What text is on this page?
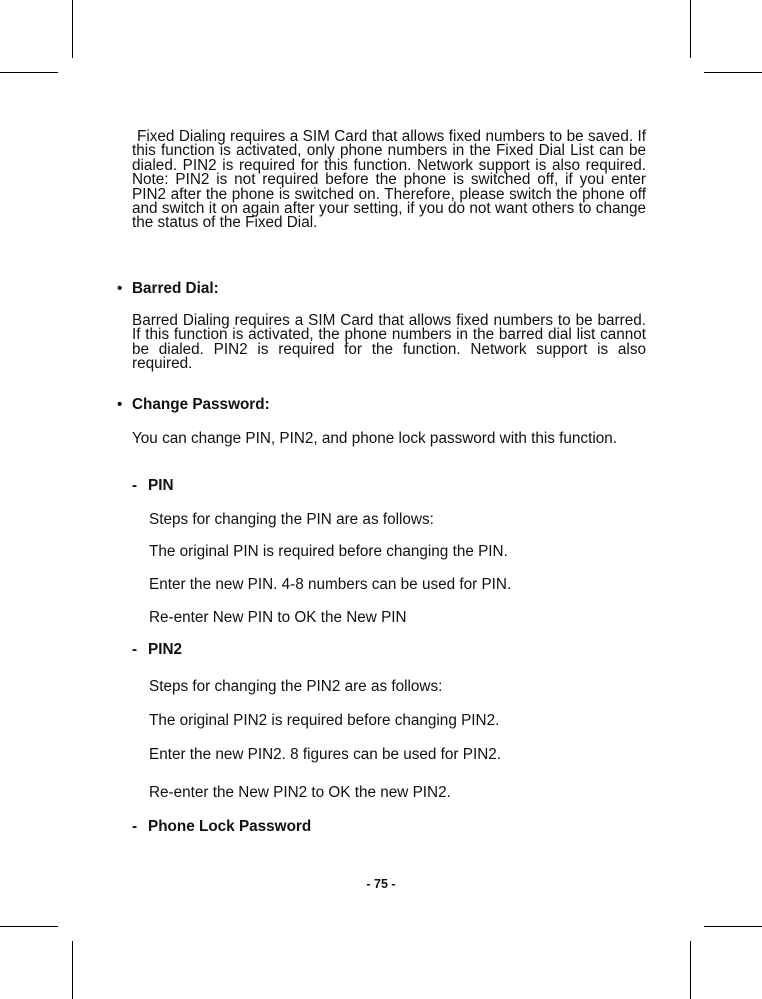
Fixed Dialing requires a SIM Card that allows fixed numbers to be saved. If this function is activated, only phone numbers in the Fixed Dial List can be dialed. PIN2 is required for this function. Network support is also required. Note: PIN2 is not required before the phone is switched off, if you enter PIN2 after the phone is switched on. Therefore, please switch the phone off and switch it on again after your setting, if you do not want others to change the status of the Fixed Dial.

• Barred Dial:

Barred Dialing requires a SIM Card that allows fixed numbers to be barred. If this function is activated, the phone numbers in the barred dial list cannot be dialed. PIN2 is required for the function. Network support is also required.

• Change Password:

You can change PIN, PIN2, and phone lock password with this function.

- PIN

Steps for changing the PIN are as follows:

The original PIN is required before changing the PIN.

Enter the new PIN. 4-8 numbers can be used for PIN.

Re-enter New PIN to OK the New PIN

- PIN2

Steps for changing the PIN2 are as follows:

The original PIN2 is required before changing PIN2.

Enter the new PIN2. 8 figures can be used for PIN2.

Re-enter the New PIN2 to OK the new PIN2.

- Phone Lock Password

- 75 -
